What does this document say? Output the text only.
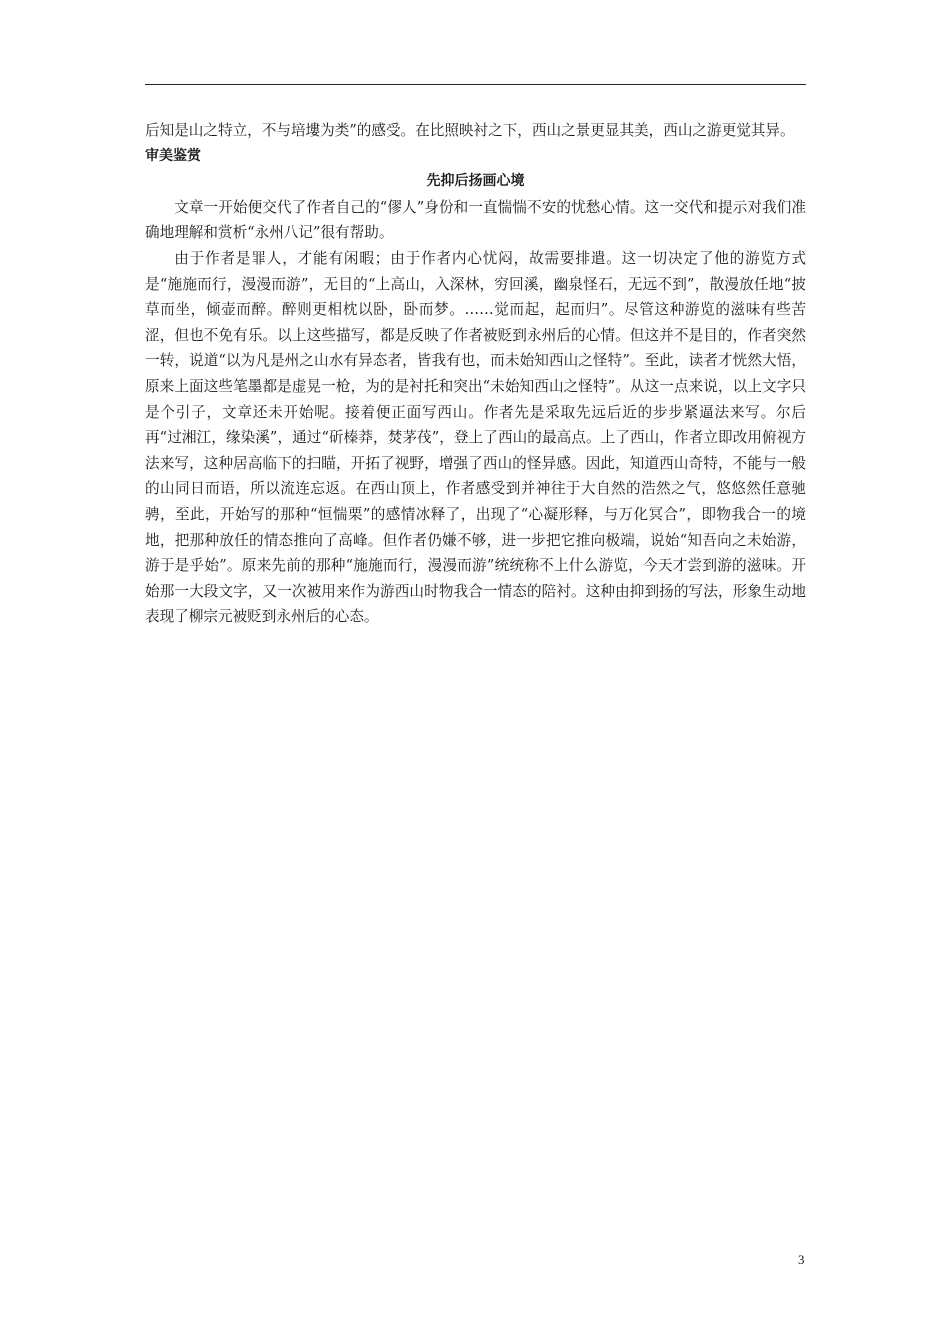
后知是山之特立，不与培塿为类”的感受。在比照映衬之下，西山之景更显其美，西山之游更觉其异。

审美鉴赏

先抑后扬画心境

文章一开始便交代了作者自己的“僇人”身份和一直惴惴不安的忧愁心情。这一交代和提示对我们准确地理解和赏析“永州八记”很有帮助。

由于作者是罪人，才能有闲暇；由于作者内心忧闷，故需要排遣。这一切决定了他的游览方式是“施施而行，漫漫而游”，无目的“上高山，入深林，穷回溪，幽泉怪石，无远不到”，散漫放任地“披草而坐，倾壶而醉。醉则更相枕以卧，卧而梦。……觉而起，起而归”。尽管这种游览的滋味有些苦涩，但也不免有乐。以上这些描写，都是反映了作者被贬到永州后的心情。但这并不是目的，作者突然一转，说道“以为凡是州之山水有异态者，皆我有也，而未始知西山之怪特”。至此，读者才恍然大悟，原来上面这些笔墨都是虚晃一枪，为的是衬托和突出“未始知西山之怪特”。从这一点来说，以上文字只是个引子，文章还未开始呢。接着便正面写西山。作者先是采取先远后近的步步紧逼法来写。尔后再“过湘江，缘染溪”，通过“斫榛莽，焚茅茷”，登上了西山的最高点。上了西山，作者立即改用俯视方法来写，这种居高临下的扫瞄，开拓了视野，增强了西山的怪异感。因此，知道西山奇特，不能与一般的山同日而语，所以流连忘返。在西山顶上，作者感受到并神往于大自然的浩然之气，悠悠然任意驰骋，至此，开始写的那种“恒惴栗”的感情冰释了，出现了“心凝形释，与万化冥合”，即物我合一的境地，把那种放任的情态推向了高峰。但作者仍嫌不够，进一步把它推向极端，说始“知吾向之未始游，游于是乎始”。原来先前的那种“施施而行，漫漫而游”统统称不上什么游览，今天才尝到游的滋味。开始那一大段文字，又一次被用来作为游西山时物我合一情态的陪衬。这种由抑到扬的写法，形象生动地表现了柳宗元被贬到永州后的心态。

3
